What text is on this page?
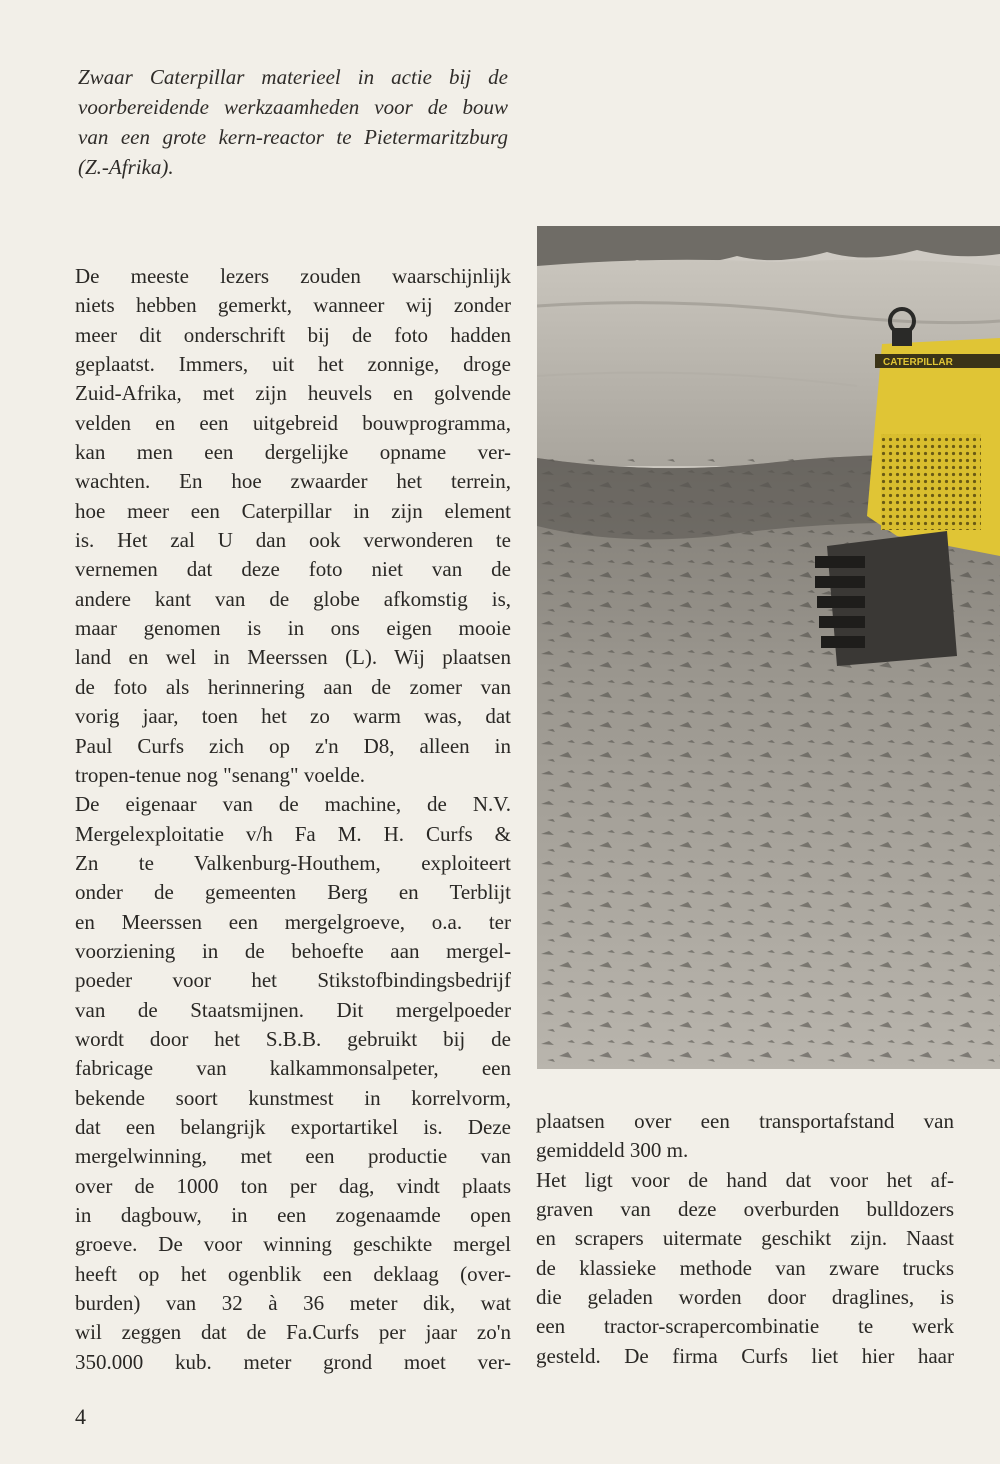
Zwaar Caterpillar materieel in actie bij de
voorbereidende werkzaamheden voor de bouw
van een grote kern-reactor te Pietermaritzburg
(Z.-Afrika).
De meeste lezers zouden waarschijnlijk
niets hebben gemerkt, wanneer wij zonder
meer dit onderschrift bij de foto hadden
geplaatst. Immers, uit het zonnige, droge
Zuid-Afrika, met zijn heuvels en golvende
velden en een uitgebreid bouwprogramma,
kan men een dergelijke opname ver-
wachten. En hoe zwaarder het terrein,
hoe meer een Caterpillar in zijn element
is. Het zal U dan ook verwonderen te
vernemen dat deze foto niet van de
andere kant van de globe afkomstig is,
maar genomen is in ons eigen mooie
land en wel in Meerssen (L). Wij plaatsen
de foto als herinnering aan de zomer van
vorig jaar, toen het zo warm was, dat
Paul Curfs zich op z'n D8, alleen in
tropen-tenue nog "senang" voelde.
De eigenaar van de machine, de N.V.
Mergelexploitatie v/h Fa M. H. Curfs &
Zn te Valkenburg-Houthem, exploiteert
onder de gemeenten Berg en Terblijt
en Meerssen een mergelgroeve, o.a. ter
voorziening in de behoefte aan mergel-
poeder voor het Stikstofbindingsbedrijf
van de Staatsmijnen. Dit mergelpoeder
wordt door het S.B.B. gebruikt bij de
fabricage van kalkammonsalpeter, een
bekende soort kunstmest in korrelvorm,
dat een belangrijk exportartikel is. Deze
mergelwinning, met een productie van
over de 1000 ton per dag, vindt plaats
in dagbouw, in een zogenaamde open
groeve. De voor winning geschikte mergel
heeft op het ogenblik een deklaag (over-
burden) van 32 à 36 meter dik, wat
wil zeggen dat de Fa.Curfs per jaar zo'n
350.000 kub. meter grond moet ver-
CATERPILLAR
plaatsen over een transportafstand van
gemiddeld 300 m.
Het ligt voor de hand dat voor het af-
graven van deze overburden bulldozers
en scrapers uitermate geschikt zijn. Naast
de klassieke methode van zware trucks
die geladen worden door draglines, is
een tractor-scrapercombinatie te werk
gesteld. De firma Curfs liet hier haar
4
